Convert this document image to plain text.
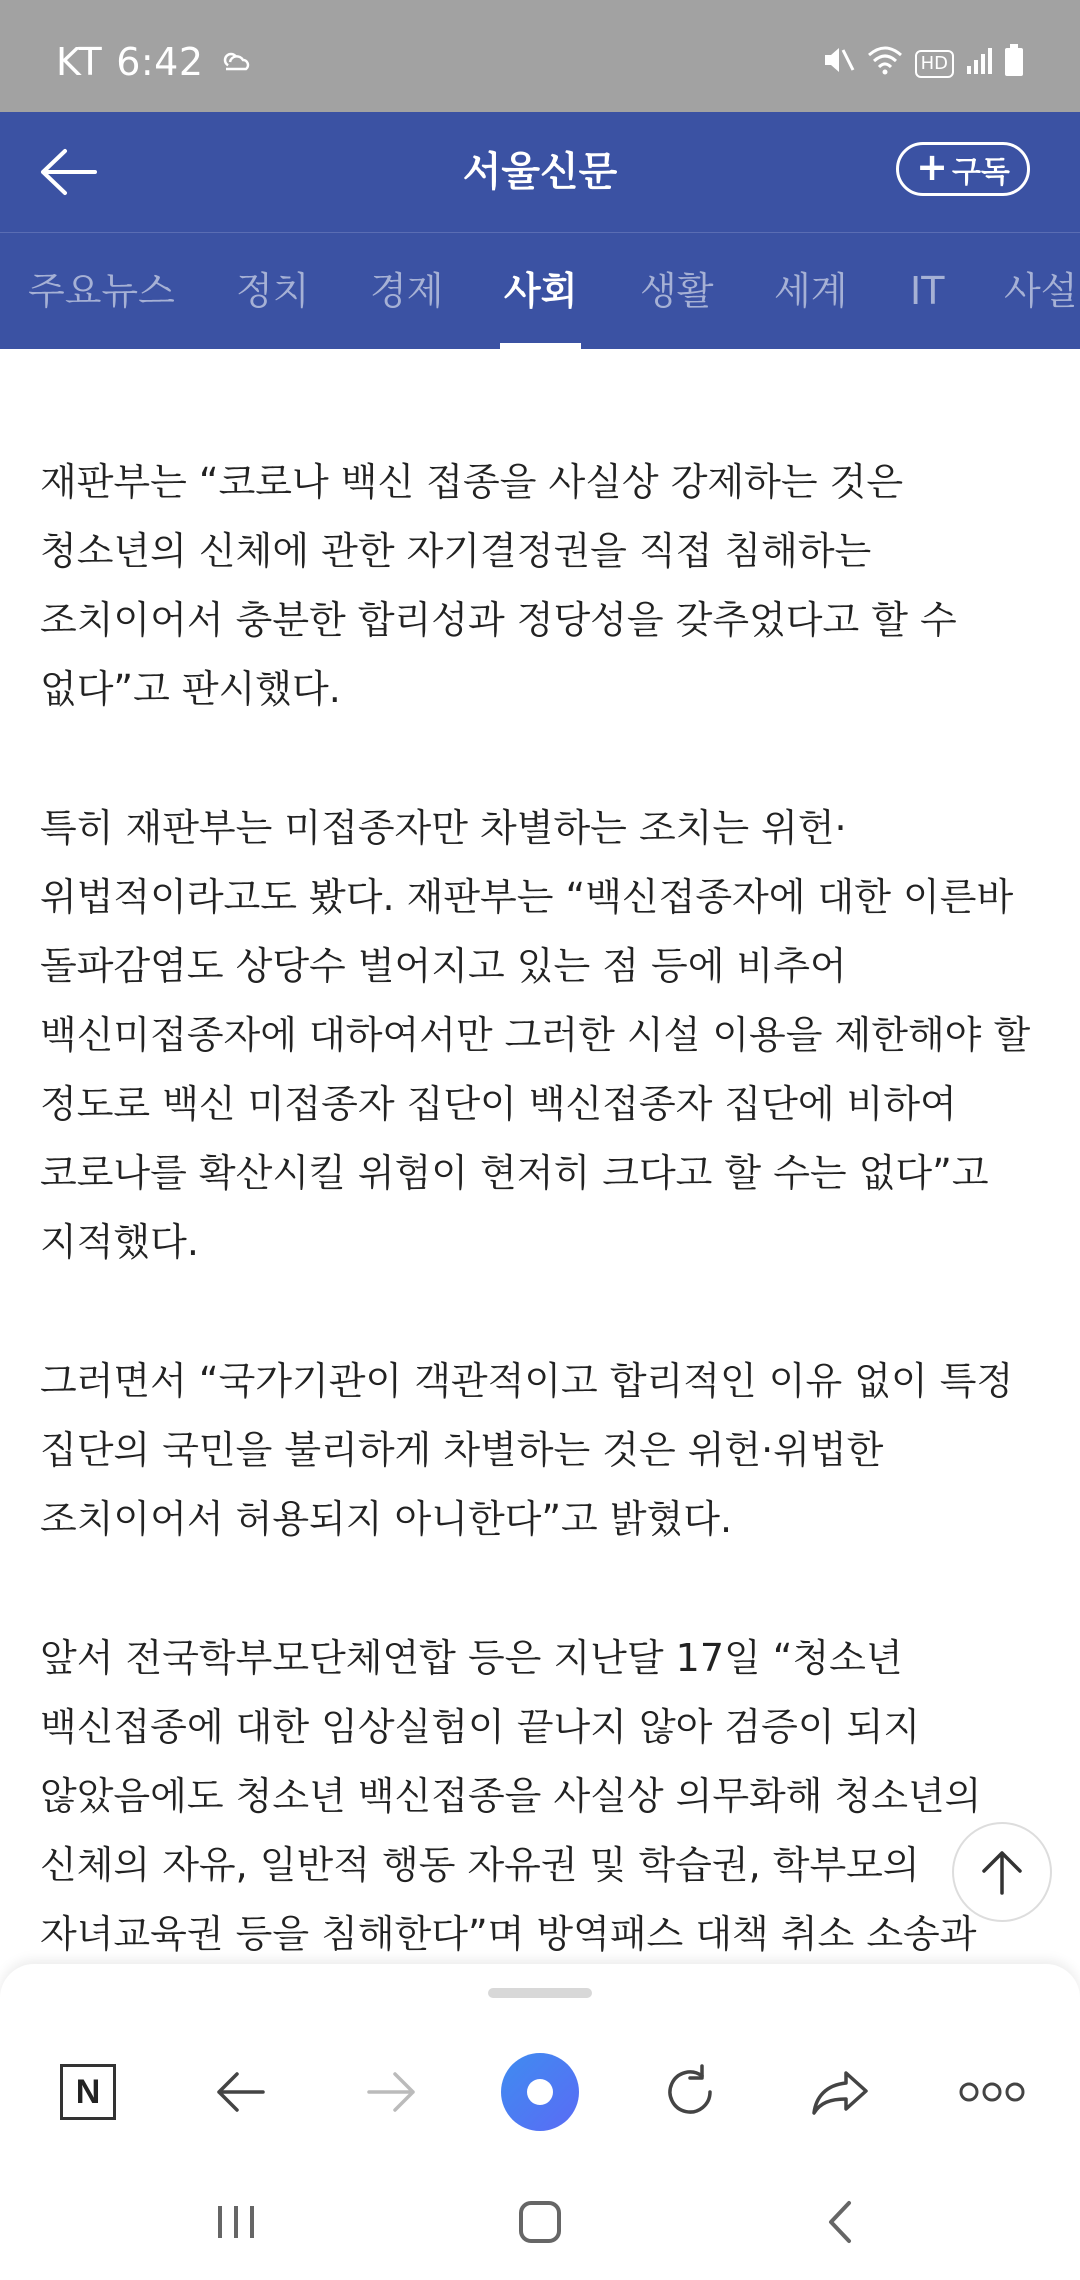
KT 6:42	HD
서울신문	+ 구독
주요뉴스 정치 경제 사회 생활 세계 IT 사설

재판부는 “코로나 백신 접종을 사실상 강제하는 것은 청소년의 신체에 관한 자기결정권을 직접 침해하는 조치이어서 충분한 합리성과 정당성을 갖추었다고 할 수 없다”고 판시했다.

특히 재판부는 미접종자만 차별하는 조치는 위헌·위법적이라고도 봤다. 재판부는 “백신접종자에 대한 이른바 돌파감염도 상당수 벌어지고 있는 점 등에 비추어 백신미접종자에 대하여서만 그러한 시설 이용을 제한해야 할 정도로 백신 미접종자 집단이 백신접종자 집단에 비하여 코로나를 확산시킬 위험이 현저히 크다고 할 수는 없다”고 지적했다.

그러면서 “국가기관이 객관적이고 합리적인 이유 없이 특정 집단의 국민을 불리하게 차별하는 것은 위헌·위법한 조치이어서 허용되지 아니한다”고 밝혔다.

앞서 전국학부모단체연합 등은 지난달 17일 “청소년 백신접종에 대한 임상실험이 끝나지 않아 검증이 되지 않았음에도 청소년 백신접종을 사실상 의무화해 청소년의 신체의 자유, 일반적 행동 자유권 및 학습권, 학부모의 자녀교육권 등을 침해한다”며 방역패스 대책 취소 소송과

N
